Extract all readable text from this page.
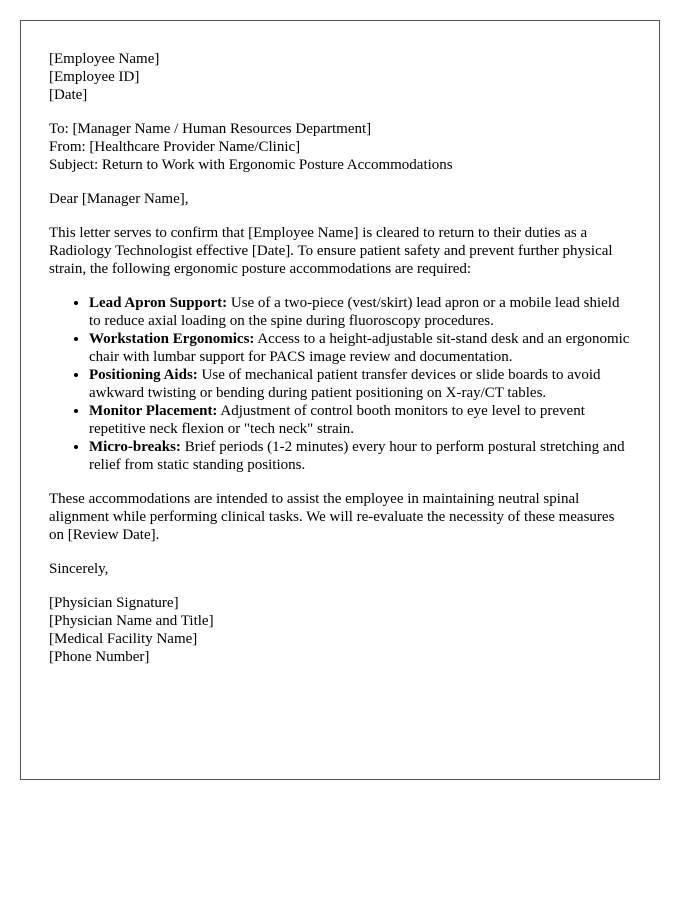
[Employee Name]
[Employee ID]
[Date]
To: [Manager Name / Human Resources Department]
From: [Healthcare Provider Name/Clinic]
Subject: Return to Work with Ergonomic Posture Accommodations

Dear [Manager Name],

This letter serves to confirm that [Employee Name] is cleared to return to their duties as a Radiology Technologist effective [Date]. To ensure patient safety and prevent further physical strain, the following ergonomic posture accommodations are required:

• Lead Apron Support: Use of a two-piece (vest/skirt) lead apron or a mobile lead shield to reduce axial loading on the spine during fluoroscopy procedures.
• Workstation Ergonomics: Access to a height-adjustable sit-stand desk and an ergonomic chair with lumbar support for PACS image review and documentation.
• Positioning Aids: Use of mechanical patient transfer devices or slide boards to avoid awkward twisting or bending during patient positioning on X-ray/CT tables.
• Monitor Placement: Adjustment of control booth monitors to eye level to prevent repetitive neck flexion or "tech neck" strain.
• Micro-breaks: Brief periods (1-2 minutes) every hour to perform postural stretching and relief from static standing positions.

These accommodations are intended to assist the employee in maintaining neutral spinal alignment while performing clinical tasks. We will re-evaluate the necessity of these measures on [Review Date].

Sincerely,

[Physician Signature]
[Physician Name and Title]
[Medical Facility Name]
[Phone Number]
